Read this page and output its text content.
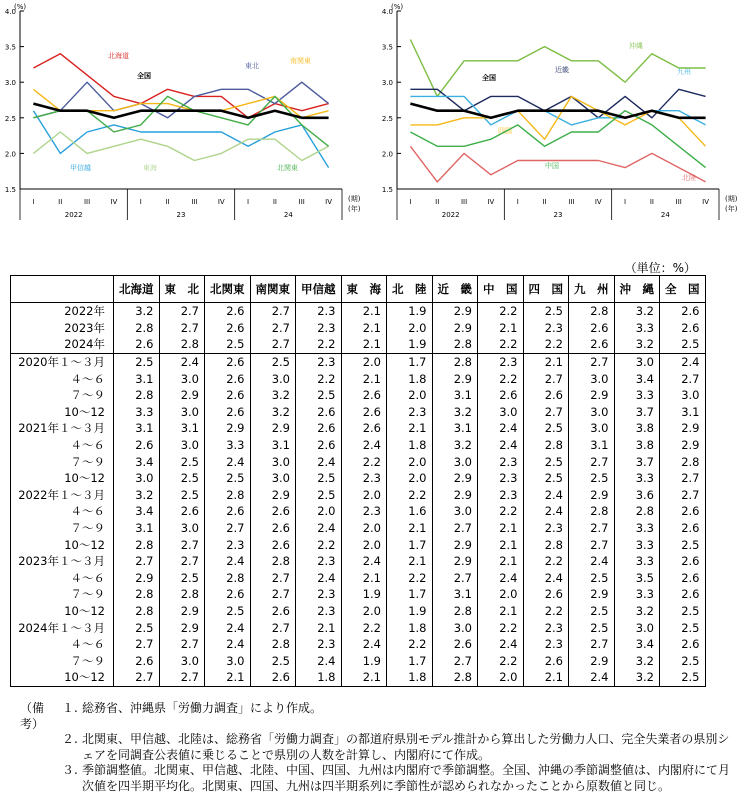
1.5
2.0
2.5
3.0
3.5
4.0
(%)
I	II	III	IV	I	II	III	IV	I	II	III	IV
2022	23	24
(期)
(年)
北海道
東北
南関東
甲信越	東海	北関東
全国
1.5
2.0
2.5
3.0
3.5
4.0
(%)
I	II	III	IV	I	II	III	IV	I	II	III	IV
2022	23	24
(期)
(年)
沖縄
近畿	九州
四国
中国
北陸
全国
（単位：%）
	北海道	東　北	北関東	南関東	甲信越	東　海	北　陸	近　畿	中　国	四　国	九　州	沖　縄	全　国
2022年	3.2	2.7	2.6	2.7	2.3	2.1	1.9	2.9	2.2	2.5	2.8	3.2	2.6
2023年	2.8	2.7	2.6	2.7	2.3	2.1	2.0	2.9	2.1	2.3	2.6	3.3	2.6
2024年	2.6	2.8	2.5	2.7	2.2	2.1	1.9	2.8	2.2	2.2	2.6	3.2	2.5
2020年１～３月	2.5	2.4	2.6	2.5	2.3	2.0	1.7	2.8	2.3	2.1	2.7	3.0	2.4
４～６	3.1	3.0	2.6	3.0	2.2	2.1	1.8	2.9	2.2	2.7	3.0	3.4	2.7
７～９	2.8	2.9	2.6	3.2	2.5	2.6	2.0	3.1	2.6	2.6	2.9	3.3	3.0
10～12	3.3	3.0	2.6	3.2	2.6	2.6	2.3	3.2	3.0	2.7	3.0	3.7	3.1
2021年１～３月	3.1	3.1	2.9	2.9	2.6	2.6	2.1	3.1	2.4	2.5	3.0	3.8	2.9
４～６	2.6	3.0	3.3	3.1	2.6	2.4	1.8	3.2	2.4	2.8	3.1	3.8	2.9
７～９	3.4	2.5	2.4	3.0	2.4	2.2	2.0	3.0	2.3	2.5	2.7	3.7	2.8
10～12	3.0	2.5	2.5	3.0	2.5	2.3	2.0	2.9	2.3	2.5	2.5	3.3	2.7
2022年１～３月	3.2	2.5	2.8	2.9	2.5	2.0	2.2	2.9	2.3	2.4	2.9	3.6	2.7
４～６	3.4	2.6	2.6	2.6	2.0	2.3	1.6	3.0	2.2	2.4	2.8	2.8	2.6
７～９	3.1	3.0	2.7	2.6	2.4	2.0	2.1	2.7	2.1	2.3	2.7	3.3	2.6
10～12	2.8	2.7	2.3	2.6	2.2	2.0	1.7	2.9	2.1	2.8	2.7	3.3	2.5
2023年１～３月	2.7	2.7	2.4	2.8	2.3	2.4	2.1	2.9	2.1	2.2	2.4	3.3	2.6
４～６	2.9	2.5	2.8	2.7	2.4	2.1	2.2	2.7	2.4	2.4	2.5	3.5	2.6
７～９	2.8	2.8	2.6	2.7	2.3	1.9	1.7	3.1	2.0	2.6	2.9	3.3	2.6
10～12	2.8	2.9	2.5	2.6	2.3	2.0	1.9	2.8	2.1	2.2	2.5	3.2	2.5
2024年１～３月	2.5	2.9	2.4	2.7	2.1	2.2	1.8	3.0	2.2	2.3	2.5	3.0	2.5
４～６	2.7	2.7	2.4	2.8	2.3	2.4	2.2	2.6	2.4	2.3	2.7	3.4	2.6
７～９	2.6	3.0	3.0	2.5	2.4	1.9	1.7	2.7	2.2	2.6	2.9	3.2	2.5
10～12	2.7	2.7	2.1	2.6	1.8	2.1	1.8	2.8	2.0	2.1	2.4	3.2	2.5
（備考）
１. 総務省、沖縄県「労働力調査」により作成。
２. 北関東、甲信越、北陸は、総務省「労働力調査」の都道府県別モデル推計から算出した労働力人口、完全失業者の県別シェアを同調査公表値に乗じることで県別の人数を計算し、内閣府にて作成。
３. 季節調整値。北関東、甲信越、北陸、中国、四国、九州は内閣府で季節調整。全国、沖縄の季節調整値は、内閣府にて月次値を四半期平均化。北関東、四国、九州は四半期系列に季節性が認められなかったことから原数値と同じ。
